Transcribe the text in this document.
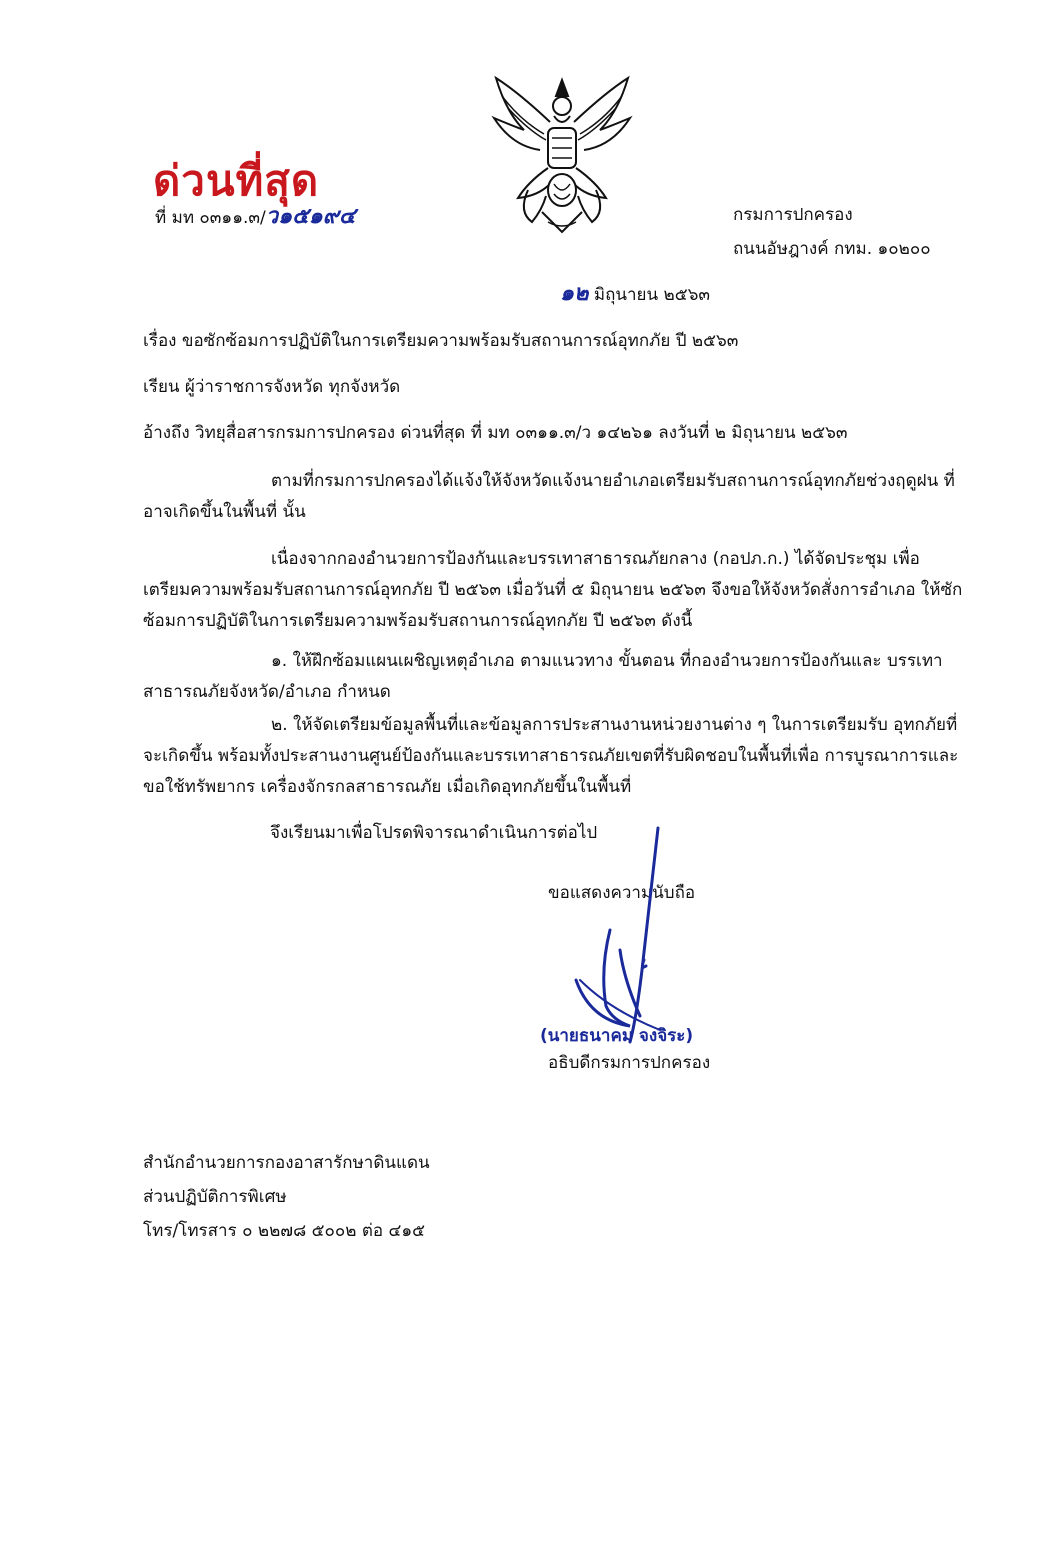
ด่วนที่สุด
ที่ มท ๐๓๑๑.๓/ว๑๕๑๙๔	กรมการปกครอง
ถนนอัษฎางค์ กทม. ๑๐๒๐๐
๑๒ มิถุนายน ๒๕๖๓
เรื่อง ขอซักซ้อมการปฏิบัติในการเตรียมความพร้อมรับสถานการณ์อุทกภัย ปี ๒๕๖๓
เรียน ผู้ว่าราชการจังหวัด ทุกจังหวัด
อ้างถึง วิทยุสื่อสารกรมการปกครอง ด่วนที่สุด ที่ มท ๐๓๑๑.๓/ว ๑๔๒๖๑ ลงวันที่ ๒ มิถุนายน ๒๕๖๓
ตามที่กรมการปกครองได้แจ้งให้จังหวัดแจ้งนายอำเภอเตรียมรับสถานการณ์อุทกภัยช่วงฤดูฝน ที่อาจเกิดขึ้นในพื้นที่ นั้น
เนื่องจากกองอำนวยการป้องกันและบรรเทาสาธารณภัยกลาง (กอปภ.ก.) ได้จัดประชุม เพื่อเตรียมความพร้อมรับสถานการณ์อุทกภัย ปี ๒๕๖๓ เมื่อวันที่ ๕ มิถุนายน ๒๕๖๓ จึงขอให้จังหวัดสั่งการอำเภอ ให้ซักซ้อมการปฏิบัติในการเตรียมความพร้อมรับสถานการณ์อุทกภัย ปี ๒๕๖๓ ดังนี้
๑. ให้ฝึกซ้อมแผนเผชิญเหตุอำเภอ ตามแนวทาง ขั้นตอน ที่กองอำนวยการป้องกันและ บรรเทาสาธารณภัยจังหวัด/อำเภอ กำหนด
๒. ให้จัดเตรียมข้อมูลพื้นที่และข้อมูลการประสานงานหน่วยงานต่าง ๆ ในการเตรียมรับ อุทกภัยที่จะเกิดขึ้น พร้อมทั้งประสานงานศูนย์ป้องกันและบรรเทาสาธารณภัยเขตที่รับผิดชอบในพื้นที่เพื่อ การบูรณาการและขอใช้ทรัพยากร เครื่องจักรกลสาธารณภัย เมื่อเกิดอุทกภัยขึ้นในพื้นที่
จึงเรียนมาเพื่อโปรดพิจารณาดำเนินการต่อไป
ขอแสดงความนับถือ
(นายธนาคม จงจิระ)
อธิบดีกรมการปกครอง
สำนักอำนวยการกองอาสารักษาดินแดน
ส่วนปฏิบัติการพิเศษ
โทร/โทรสาร ๐ ๒๒๗๘ ๕๐๐๒ ต่อ ๔๑๕
